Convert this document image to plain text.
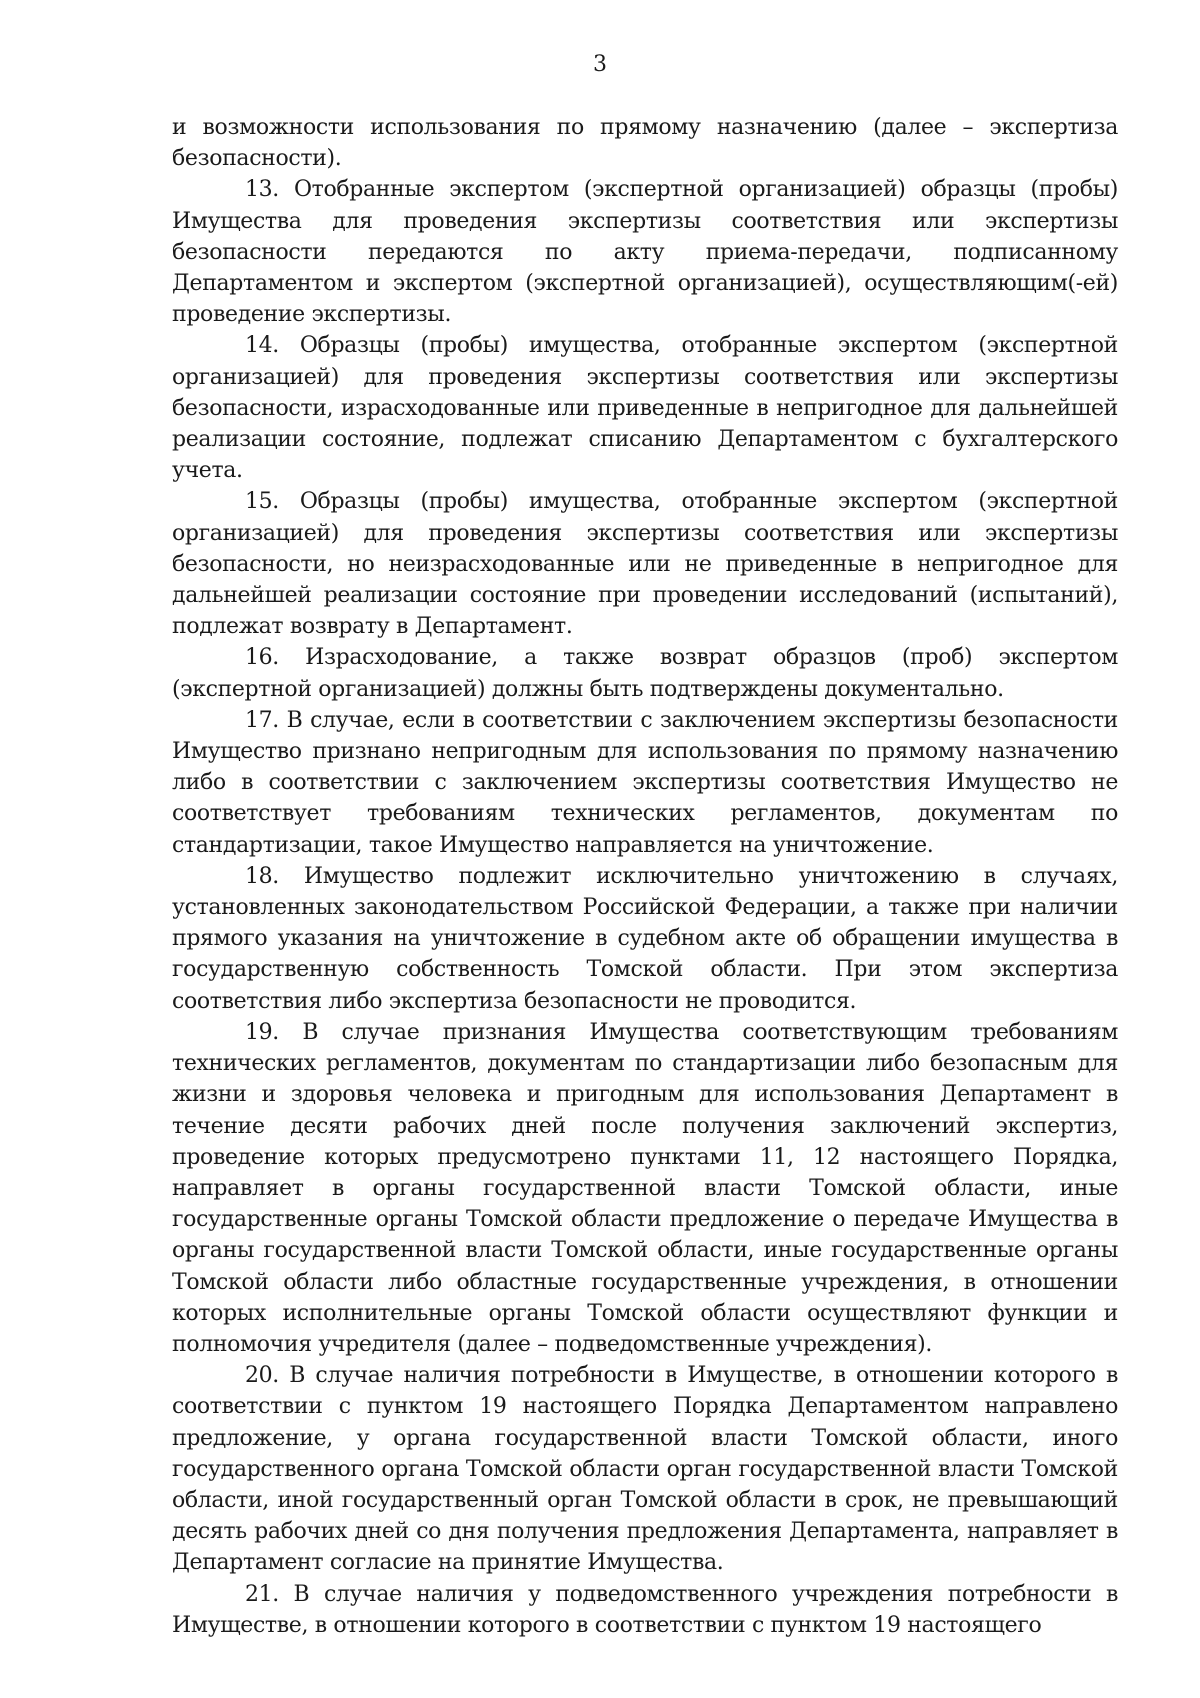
3

и возможности использования по прямому назначению (далее – экспертиза безопасности).

13. Отобранные экспертом (экспертной организацией) образцы (пробы) Имущества для проведения экспертизы соответствия или экспертизы безопасности передаются по акту приема-передачи, подписанному Департаментом и экспертом (экспертной организацией), осуществляющим(-ей) проведение экспертизы.

14. Образцы (пробы) имущества, отобранные экспертом (экспертной организацией) для проведения экспертизы соответствия или экспертизы безопасности, израсходованные или приведенные в непригодное для дальнейшей реализации состояние, подлежат списанию Департаментом с бухгалтерского учета.

15. Образцы (пробы) имущества, отобранные экспертом (экспертной организацией) для проведения экспертизы соответствия или экспертизы безопасности, но неизрасходованные или не приведенные в непригодное для дальнейшей реализации состояние при проведении исследований (испытаний), подлежат возврату в Департамент.

16. Израсходование, а также возврат образцов (проб) экспертом (экспертной организацией) должны быть подтверждены документально.

17. В случае, если в соответствии с заключением экспертизы безопасности Имущество признано непригодным для использования по прямому назначению либо в соответствии с заключением экспертизы соответствия Имущество не соответствует требованиям технических регламентов, документам по стандартизации, такое Имущество направляется на уничтожение.

18. Имущество подлежит исключительно уничтожению в случаях, установленных законодательством Российской Федерации, а также при наличии прямого указания на уничтожение в судебном акте об обращении имущества в государственную собственность Томской области. При этом экспертиза соответствия либо экспертиза безопасности не проводится.

19. В случае признания Имущества соответствующим требованиям технических регламентов, документам по стандартизации либо безопасным для жизни и здоровья человека и пригодным для использования Департамент в течение десяти рабочих дней после получения заключений экспертиз, проведение которых предусмотрено пунктами 11, 12 настоящего Порядка, направляет в органы государственной власти Томской области, иные государственные органы Томской области предложение о передаче Имущества в органы государственной власти Томской области, иные государственные органы Томской области либо областные государственные учреждения, в отношении которых исполнительные органы Томской области осуществляют функции и полномочия учредителя (далее – подведомственные учреждения).

20. В случае наличия потребности в Имуществе, в отношении которого в соответствии с пунктом 19 настоящего Порядка Департаментом направлено предложение, у органа государственной власти Томской области, иного государственного органа Томской области орган государственной власти Томской области, иной государственный орган Томской области в срок, не превышающий десять рабочих дней со дня получения предложения Департамента, направляет в Департамент согласие на принятие Имущества.

21. В случае наличия у подведомственного учреждения потребности в Имуществе, в отношении которого в соответствии с пунктом 19 настоящего
